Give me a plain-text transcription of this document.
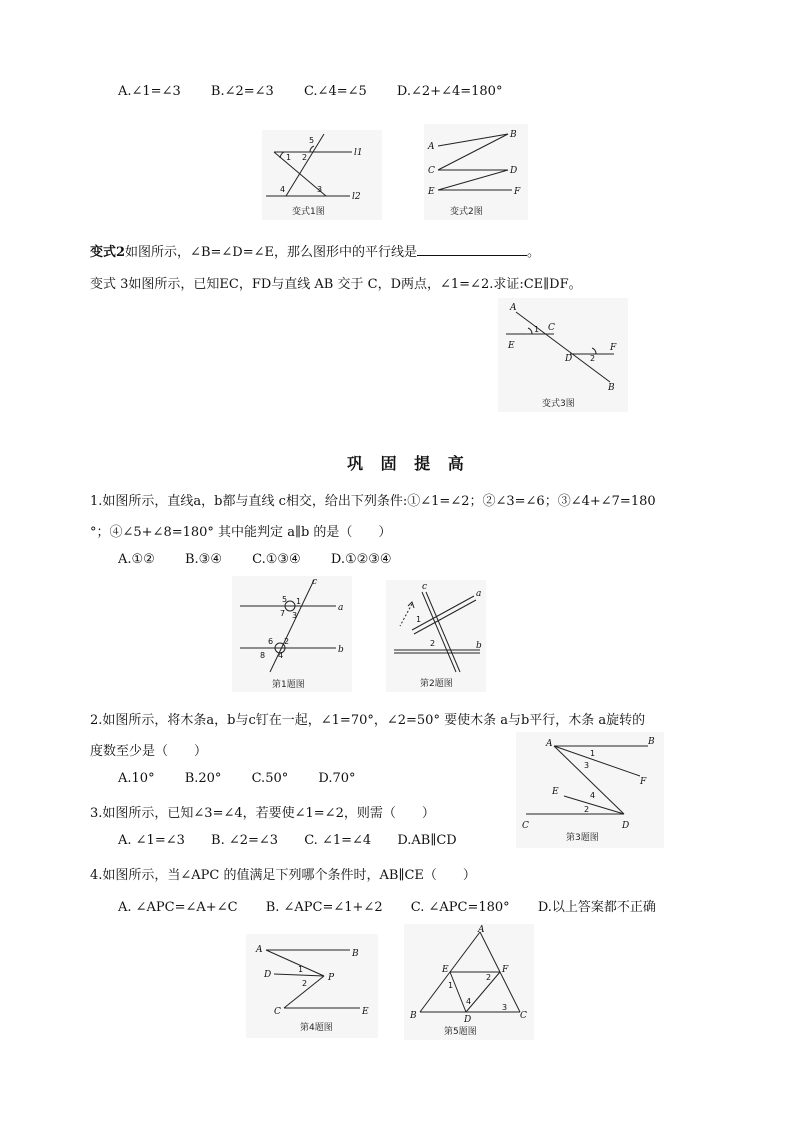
A.∠1=∠3 B.∠2=∠3 C.∠4=∠5 D.∠2+∠4=180°
5
1 2	l1
4	3
l2
变式1图
A
B
C	D
E	F
变式2图
变式2如图所示，∠B=∠D=∠E，那么图形中的平行线是	。
变式 3如图所示，已知EC，FD与直线 AB 交于 C，D两点，∠1=∠2.求证:CE∥DF。
A
1 C
E
D 2
F
B
变式3图
巩 固 提 高
1.如图所示，直线a，b都与直线 c相交，给出下列条件:①∠1=∠2；②∠3=∠6；③∠4+∠7=180
°；④∠5+∠8=180° 其中能判定 a∥b 的是（　　）
A.①② B.③④ C.①③④ D.①②③④
c
5 1
a
7 3
6 2
b
8 4
第1题图
c
a
1
2	b
第2题图
2.如图所示，将木条a，b与c钉在一起，∠1=70°，∠2=50° 要使木条 a与b平行，木条 a旋转的
度数至少是（　　）
A.10° B.20° C.50° D.70°
A	B
1
3
F
E	4
2
C	D
第3题图
3.如图所示，已知∠3=∠4，若要使∠1=∠2，则需（　　）
A. ∠1=∠3 B. ∠2=∠3 C. ∠1=∠4 D.AB∥CD
4.如图所示，当∠APC 的值满足下列哪个条件时，AB∥CE（　　）
A. ∠APC=∠A+∠C B. ∠APC=∠1+∠2 C. ∠APC=180° D.以上答案都不正确
A	B
D
1
P
2
C	E
第4题图
A
E
2
F
1
4
3
B	D	C
第5题图
